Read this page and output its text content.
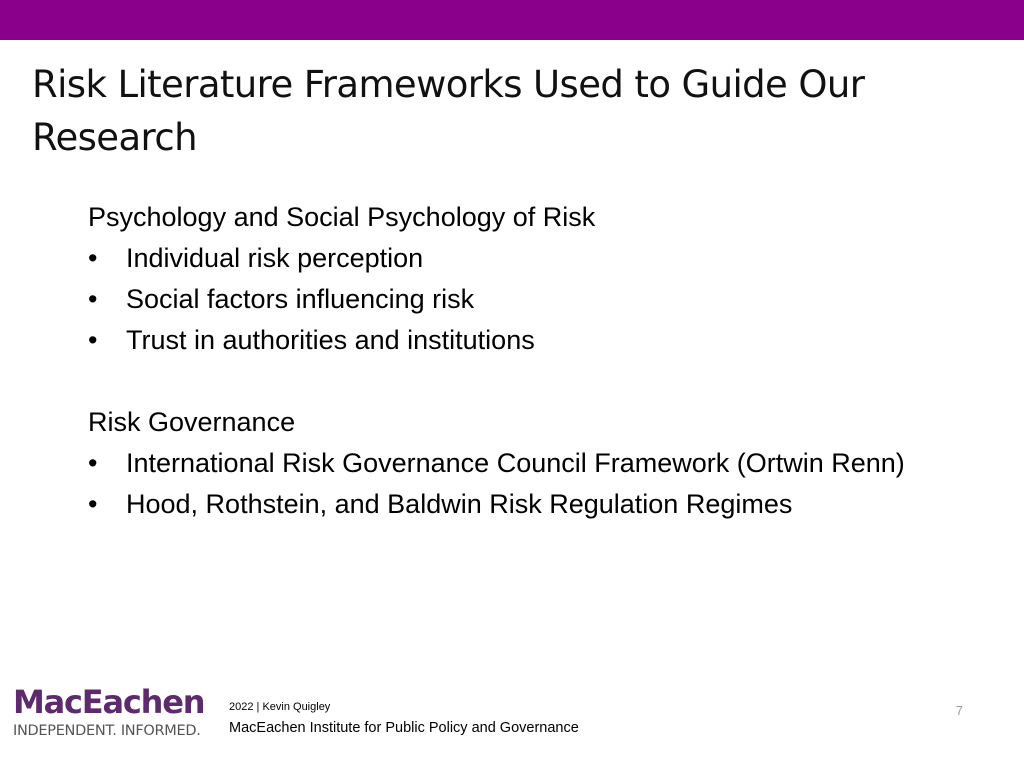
Risk Literature Frameworks Used to Guide Our Research
Psychology and Social Psychology of Risk
• Individual risk perception
• Social factors influencing risk
• Trust in authorities and institutions
Risk Governance
• International Risk Governance Council Framework (Ortwin Renn)
• Hood, Rothstein, and Baldwin Risk Regulation Regimes
MacEachen
INDEPENDENT. INFORMED.
2022 | Kevin Quigley
MacEachen Institute for Public Policy and Governance
7
